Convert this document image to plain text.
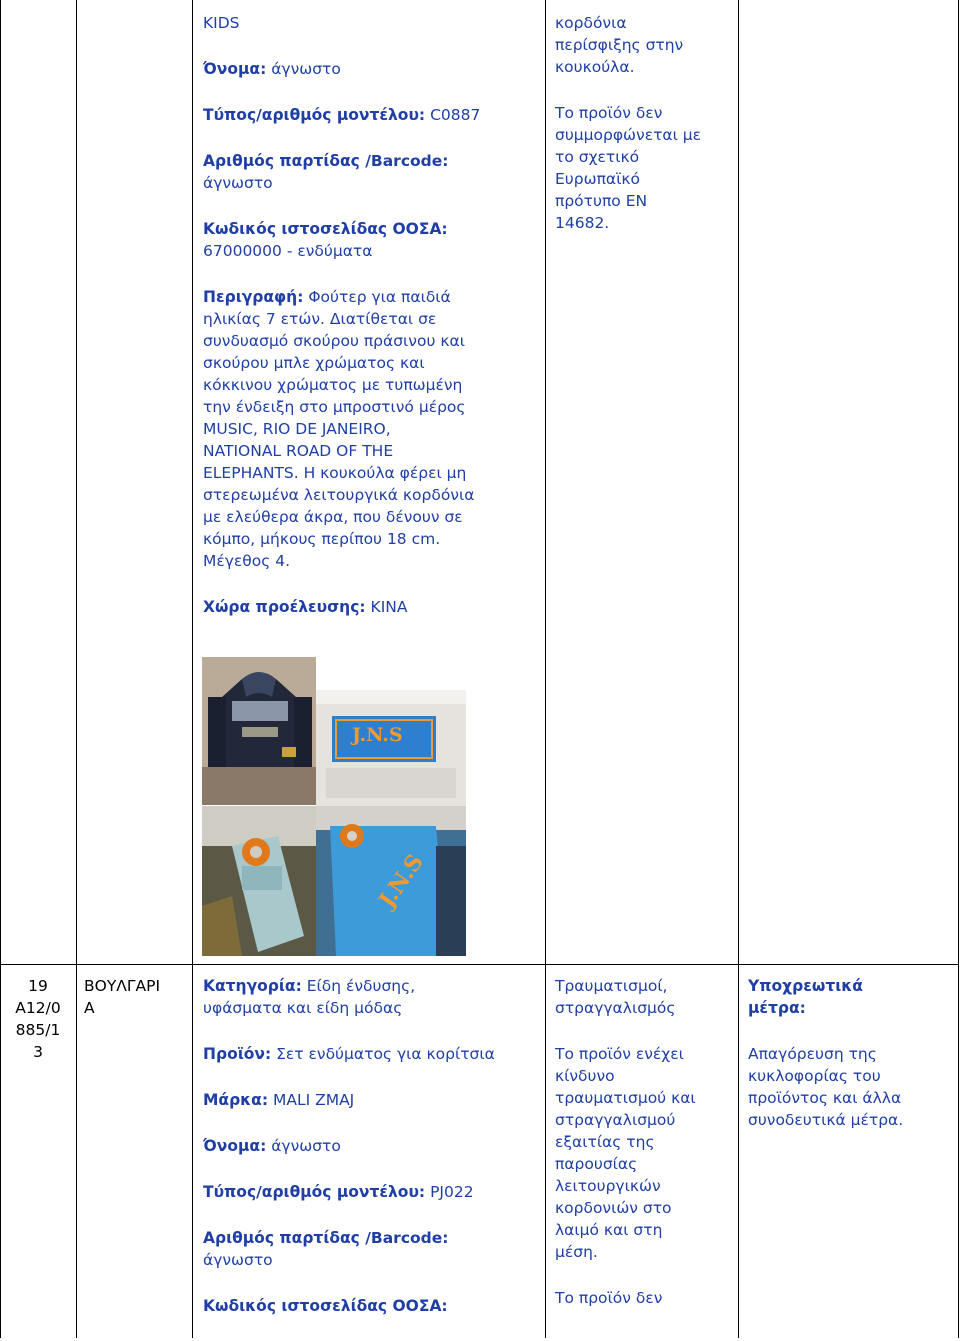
KIDS

Όνομα: άγνωστο

Τύπος/αριθμός μοντέλου: C0887

Αριθμός παρτίδας /Barcode:
άγνωστο

Κωδικός ιστοσελίδας ΟΟΣΑ:
67000000 - ενδύματα

Περιγραφή: Φούτερ για παιδιά
ηλικίας 7 ετών. Διατίθεται σε
συνδυασμό σκούρου πράσινου και
σκούρου μπλε χρώματος και
κόκκινου χρώματος με τυπωμένη
την ένδειξη στο μπροστινό μέρος
MUSIC, RIO DE JANEIRO,
NATIONAL ROAD OF THE
ELEPHANTS. Η κουκούλα φέρει μη
στερεωμένα λειτουργικά κορδόνια
με ελεύθερα άκρα, που δένουν σε
κόμπο, μήκους περίπου 18 cm.
Μέγεθος 4.

Χώρα προέλευσης: ΚΙΝΑ

J.N.S
J.N.S

κορδόνια
περίσφιξης στην
κουκούλα.

Το προϊόν δεν
συμμορφώνεται με
το σχετικό
Ευρωπαϊκό
πρότυπο EN
14682.

19
A12/0
885/1
3
ΒΟΥΛΓΑΡΙ
Α

Κατηγορία: Είδη ένδυσης,
υφάσματα και είδη μόδας

Προϊόν: Σετ ενδύματος για κορίτσια

Μάρκα: MALI ZMAJ

Όνομα: άγνωστο

Τύπος/αριθμός μοντέλου: PJ022

Αριθμός παρτίδας /Barcode:
άγνωστο

Κωδικός ιστοσελίδας ΟΟΣΑ:

Τραυματισμοί,
στραγγαλισμός

Το προϊόν ενέχει
κίνδυνο
τραυματισμού και
στραγγαλισμού
εξαιτίας της
παρουσίας
λειτουργικών
κορδονιών στο
λαιμό και στη
μέση.

Το προϊόν δεν

Υποχρεωτικά
μέτρα:

Απαγόρευση της
κυκλοφορίας του
προϊόντος και άλλα
συνοδευτικά μέτρα.
